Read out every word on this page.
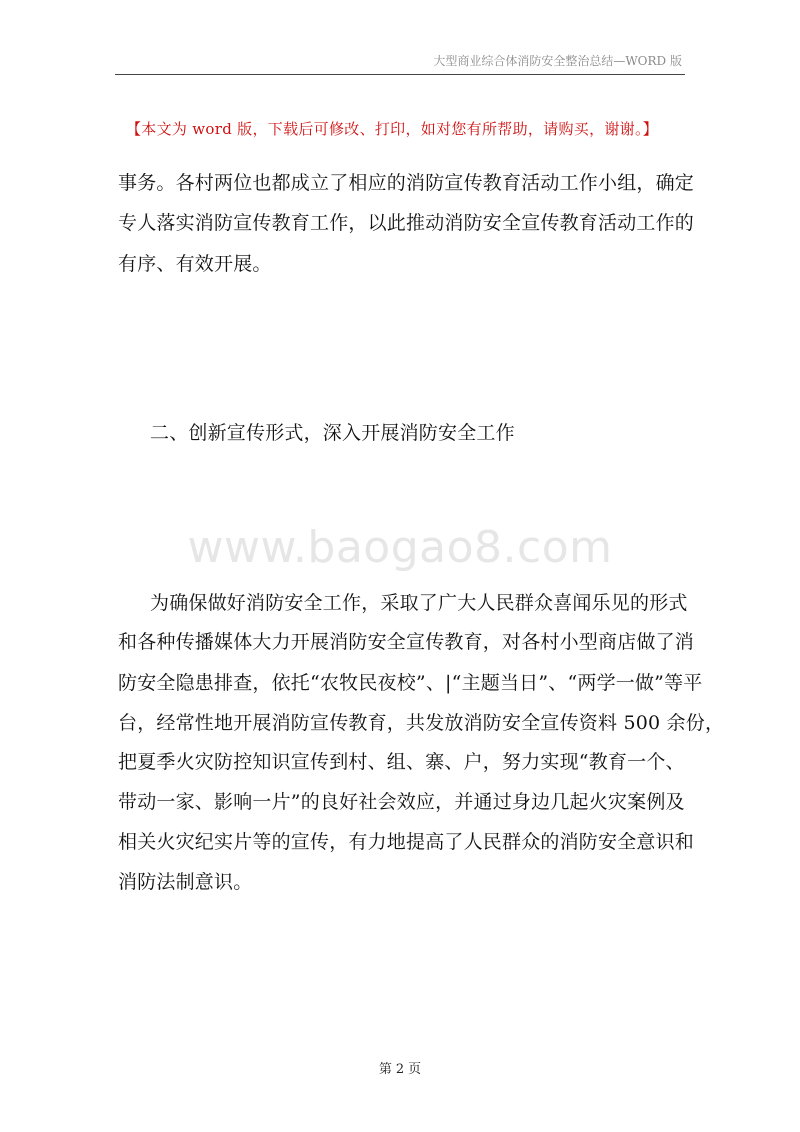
大型商业综合体消防安全整治总结—WORD 版
【本文为 word 版，下载后可修改、打印，如对您有所帮助，请购买，谢谢。】
事务。各村两位也都成立了相应的消防宣传教育活动工作小组，确定
专人落实消防宣传教育工作，以此推动消防安全宣传教育活动工作的
有序、有效开展。
二、创新宣传形式，深入开展消防安全工作
www.baogao8.com
为确保做好消防安全工作，采取了广大人民群众喜闻乐见的形式
和各种传播媒体大力开展消防安全宣传教育，对各村小型商店做了消
防安全隐患排查，依托“农牧民夜校”、|“主题当日”、“两学一做”等平
台，经常性地开展消防宣传教育，共发放消防安全宣传资料 500 余份，
把夏季火灾防控知识宣传到村、组、寨、户，努力实现“教育一个、
带动一家、影响一片”的良好社会效应，并通过身边几起火灾案例及
相关火灾纪实片等的宣传，有力地提高了人民群众的消防安全意识和
消防法制意识。
第 2 页
